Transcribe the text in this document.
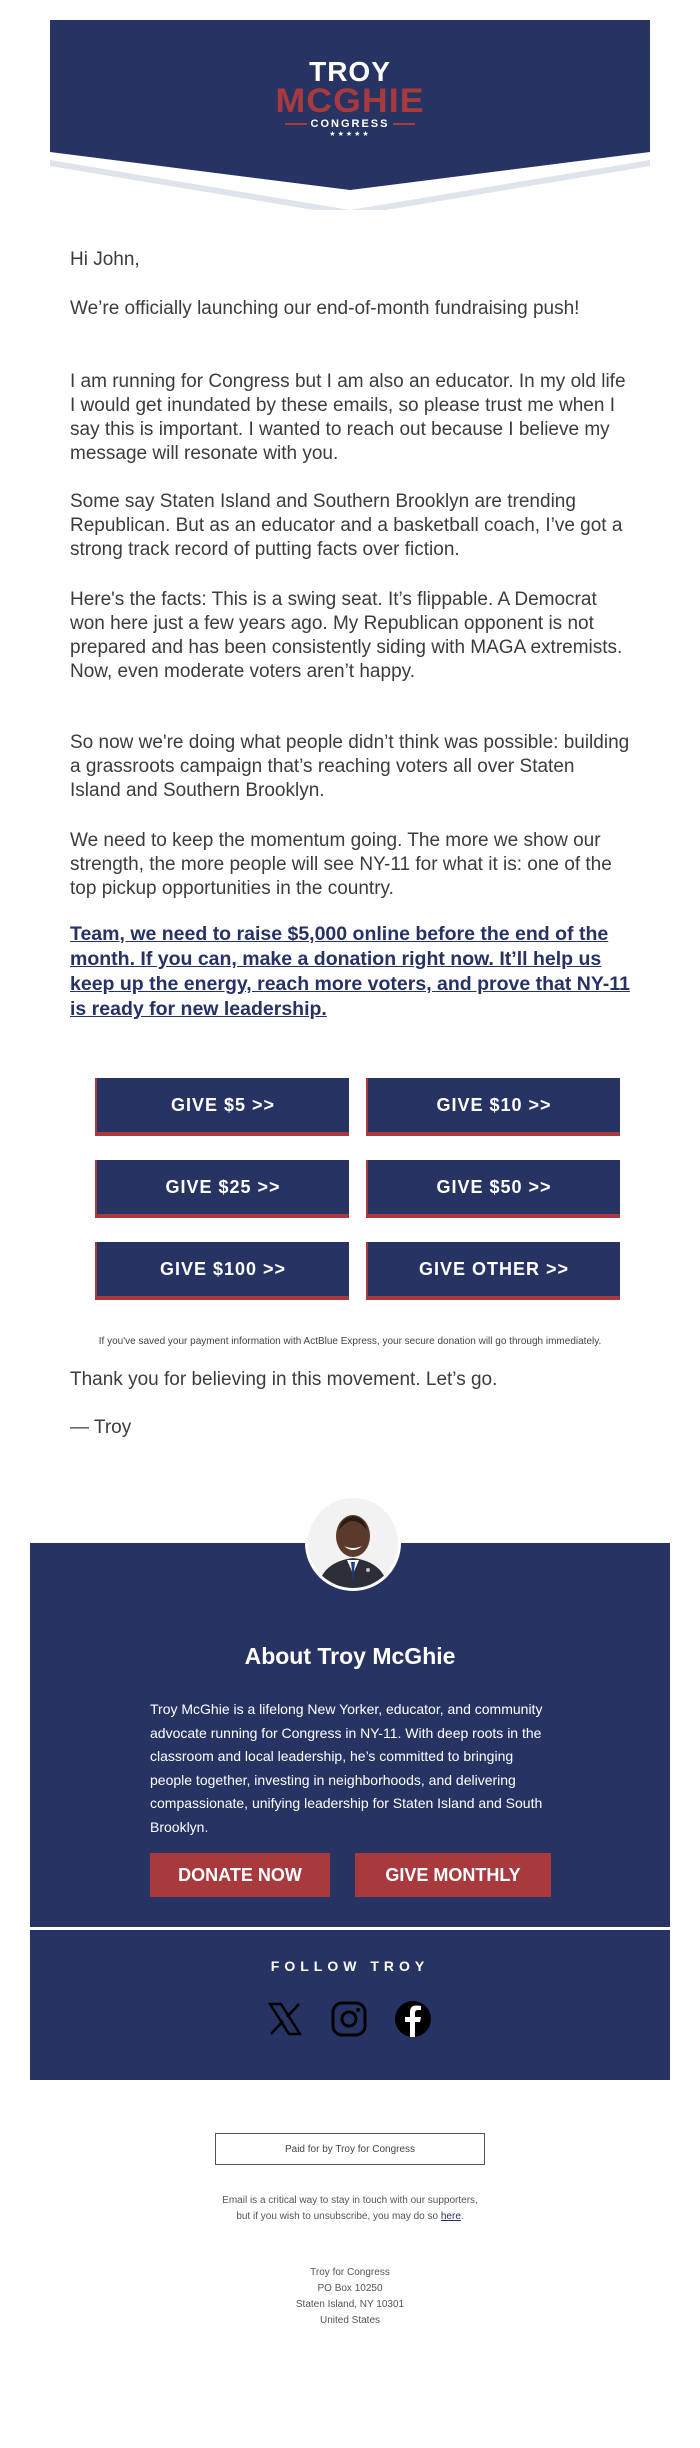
TROY
MCGHIE
CONGRESS
★★★★★

Hi John,

We’re officially launching our end-of-month fundraising push!

I am running for Congress but I am also an educator. In my old life I would get inundated by these emails, so please trust me when I say this is important. I wanted to reach out because I believe my message will resonate with you.

Some say Staten Island and Southern Brooklyn are trending Republican. But as an educator and a basketball coach, I’ve got a strong track record of putting facts over fiction.

Here's the facts: This is a swing seat. It’s flippable. A Democrat won here just a few years ago. My Republican opponent is not prepared and has been consistently siding with MAGA extremists. Now, even moderate voters aren’t happy.

So now we're doing what people didn’t think was possible: building a grassroots campaign that’s reaching voters all over Staten Island and Southern Brooklyn.

We need to keep the momentum going. The more we show our strength, the more people will see NY-11 for what it is: one of the top pickup opportunities in the country.

Team, we need to raise $5,000 online before the end of the month. If you can, make a donation right now. It’ll help us keep up the energy, reach more voters, and prove that NY-11 is ready for new leadership.

GIVE $5 >>	GIVE $10 >>
GIVE $25 >>	GIVE $50 >>
GIVE $100 >>	GIVE OTHER >>
If you've saved your payment information with ActBlue Express, your secure donation will go through immediately.

Thank you for believing in this movement. Let’s go.

— Troy

About Troy McGhie
Troy McGhie is a lifelong New Yorker, educator, and community advocate running for Congress in NY-11. With deep roots in the classroom and local leadership, he’s committed to bringing people together, investing in neighborhoods, and delivering compassionate, unifying leadership for Staten Island and South Brooklyn.
DONATE NOW	GIVE MONTHLY
FOLLOW TROY
Paid for by Troy for Congress
Email is a critical way to stay in touch with our supporters, but if you wish to unsubscribe, you may do so here.
Troy for Congress
PO Box 10250
Staten Island, NY 10301
United States
